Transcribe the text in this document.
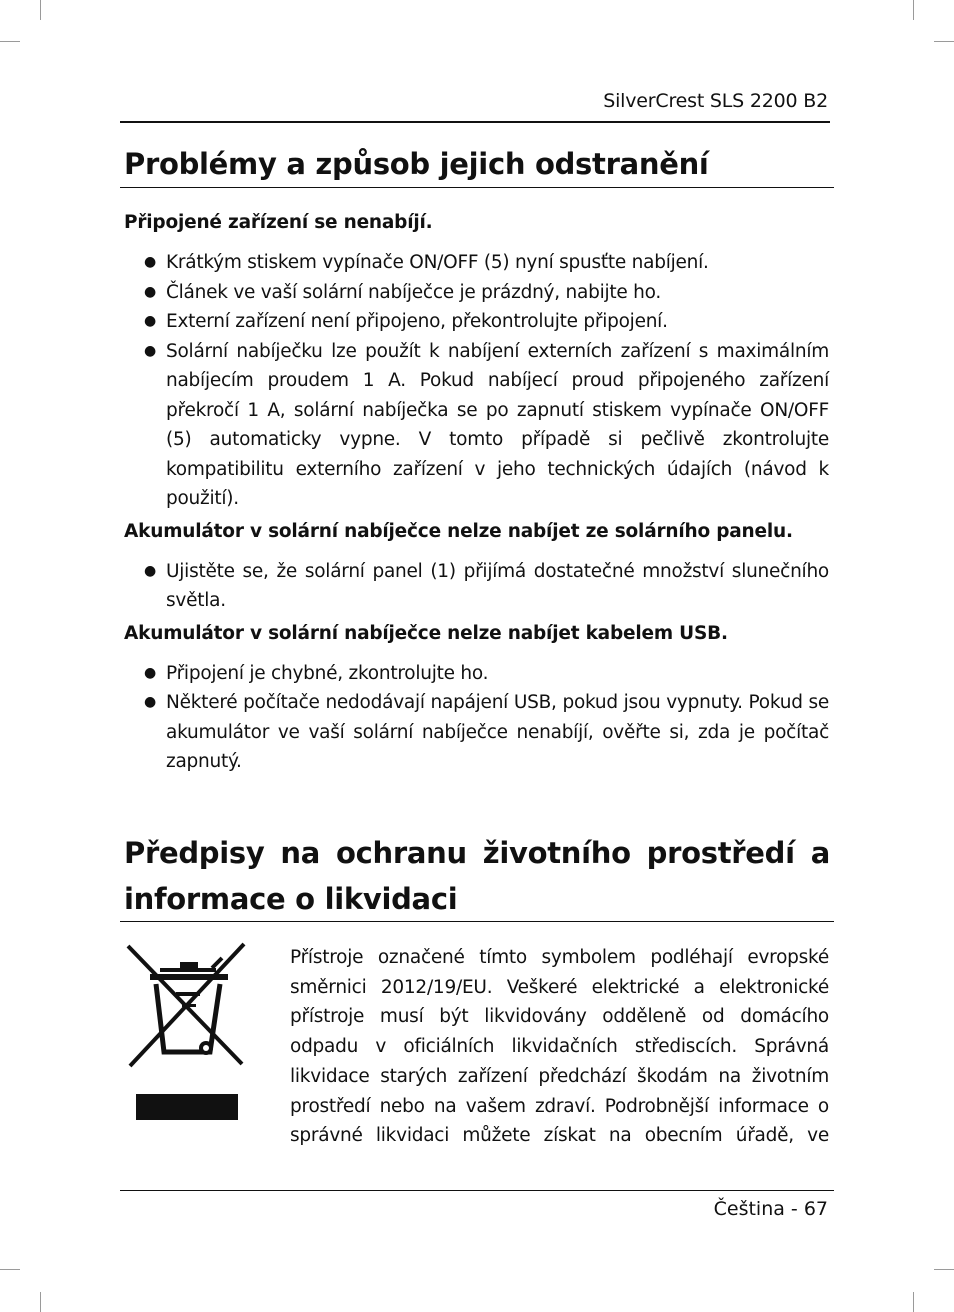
SilverCrest SLS 2200 B2
Problémy a způsob jejich odstranění

Připojené zařízení se nenabíjí.

● Krátkým stiskem vypínače ON/OFF (5) nyní spusťte nabíjení.
● Článek ve vaší solární nabíječce je prázdný, nabijte ho.
● Externí zařízení není připojeno, překontrolujte připojení.
● Solární nabíječku lze použít k nabíjení externích zařízení s maximálním nabíjecím proudem 1 A. Pokud nabíjecí proud připojeného zařízení překročí 1 A, solární nabíječka se po zapnutí stiskem vypínače ON/OFF (5) automaticky vypne. V tomto případě si pečlivě zkontrolujte kompatibilitu externího zařízení v jeho technických údajích (návod k použití).

Akumulátor v solární nabíječce nelze nabíjet ze solárního panelu.

● Ujistěte se, že solární panel (1) přijímá dostatečné množství slunečního světla.

Akumulátor v solární nabíječce nelze nabíjet kabelem USB.

● Připojení je chybné, zkontrolujte ho.
● Některé počítače nedodávají napájení USB, pokud jsou vypnuty. Pokud se akumulátor ve vaší solární nabíječce nenabíjí, ověřte si, zda je počítač zapnutý.
Předpisy na ochranu životního prostředí a
informace o likvidaci
Přístroje označené tímto symbolem podléhají evropské směrnici 2012/19/EU. Veškeré elektrické a elektronické přístroje musí být likvidovány odděleně od domácího odpadu v oficiálních likvidačních střediscích. Správná likvidace starých zařízení předchází škodám na životním prostředí nebo na vašem zdraví. Podrobnější informace o správné likvidaci můžete získat na obecním úřadě, ve
Čeština - 67
